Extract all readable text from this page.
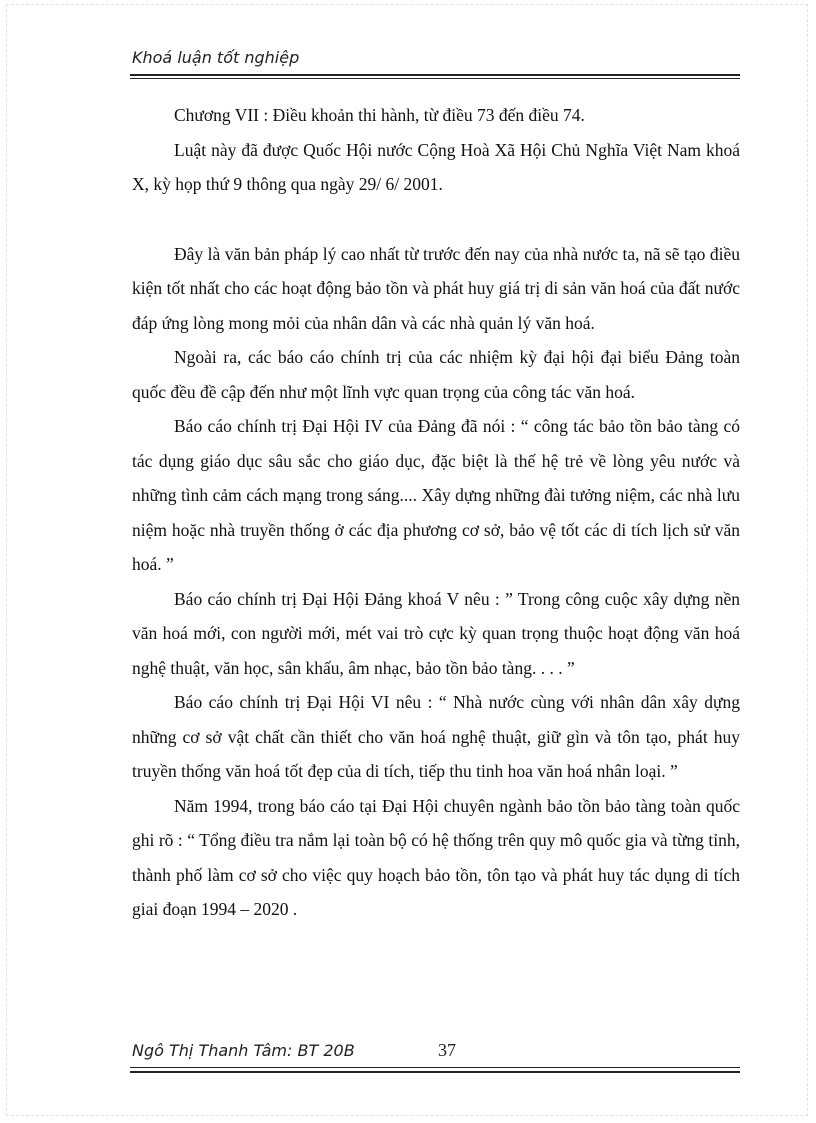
Khoá luận tốt nghiệp

Chương VII : Điều khoản thi hành, từ điều 73 đến điều 74.

Luật này đã được Quốc Hội nước Cộng Hoà Xã Hội Chủ Nghĩa Việt Nam khoá X, kỳ họp thứ 9 thông qua ngày 29/ 6/ 2001.

Đây là văn bản pháp lý cao nhất từ trước đến nay của nhà nước ta, nã sẽ tạo điều kiện tốt nhất cho các hoạt động bảo tồn và phát huy giá trị di sản văn hoá của đất nước đáp ứng lòng mong mỏi của nhân dân và các nhà quản lý văn hoá.

Ngoài ra, các báo cáo chính trị của các nhiệm kỳ đại hội đại biểu Đảng toàn quốc đều đề cập đến như một lĩnh vực quan trọng của công tác văn hoá.

Báo cáo chính trị Đại Hội IV của Đảng đã nói : “ công tác bảo tồn bảo tàng có tác dụng giáo dục sâu sắc cho giáo dục, đặc biệt là thế hệ trẻ về lòng yêu nước và những tình cảm cách mạng trong sáng.... Xây dựng những đài tưởng niệm, các nhà lưu niệm hoặc nhà truyền thống ở các địa phương cơ sở, bảo vệ tốt các di tích lịch sử văn hoá. ”

Báo cáo chính trị Đại Hội Đảng khoá V nêu : ” Trong công cuộc xây dựng nền văn hoá mới, con người mới, mét vai trò cực kỳ quan trọng thuộc hoạt động văn hoá nghệ thuật, văn học, sân khấu, âm nhạc, bảo tồn bảo tàng. . . . ”

Báo cáo chính trị Đại Hội VI nêu : “ Nhà nước cùng với nhân dân xây dựng những cơ sở vật chất cần thiết cho văn hoá nghệ thuật, giữ gìn và tôn tạo, phát huy truyền thống văn hoá tốt đẹp của di tích, tiếp thu tinh hoa văn hoá nhân loại. ”

Năm 1994, trong báo cáo tại Đại Hội chuyên ngành bảo tồn bảo tàng toàn quốc ghi rõ : “ Tổng điều tra nắm lại toàn bộ có hệ thống trên quy mô quốc gia và từng tỉnh, thành phố làm cơ sở cho việc quy hoạch bảo tồn, tôn tạo và phát huy tác dụng di tích giai đoạn 1994 – 2020 .

Ngô Thị Thanh Tâm: BT 20B	37
